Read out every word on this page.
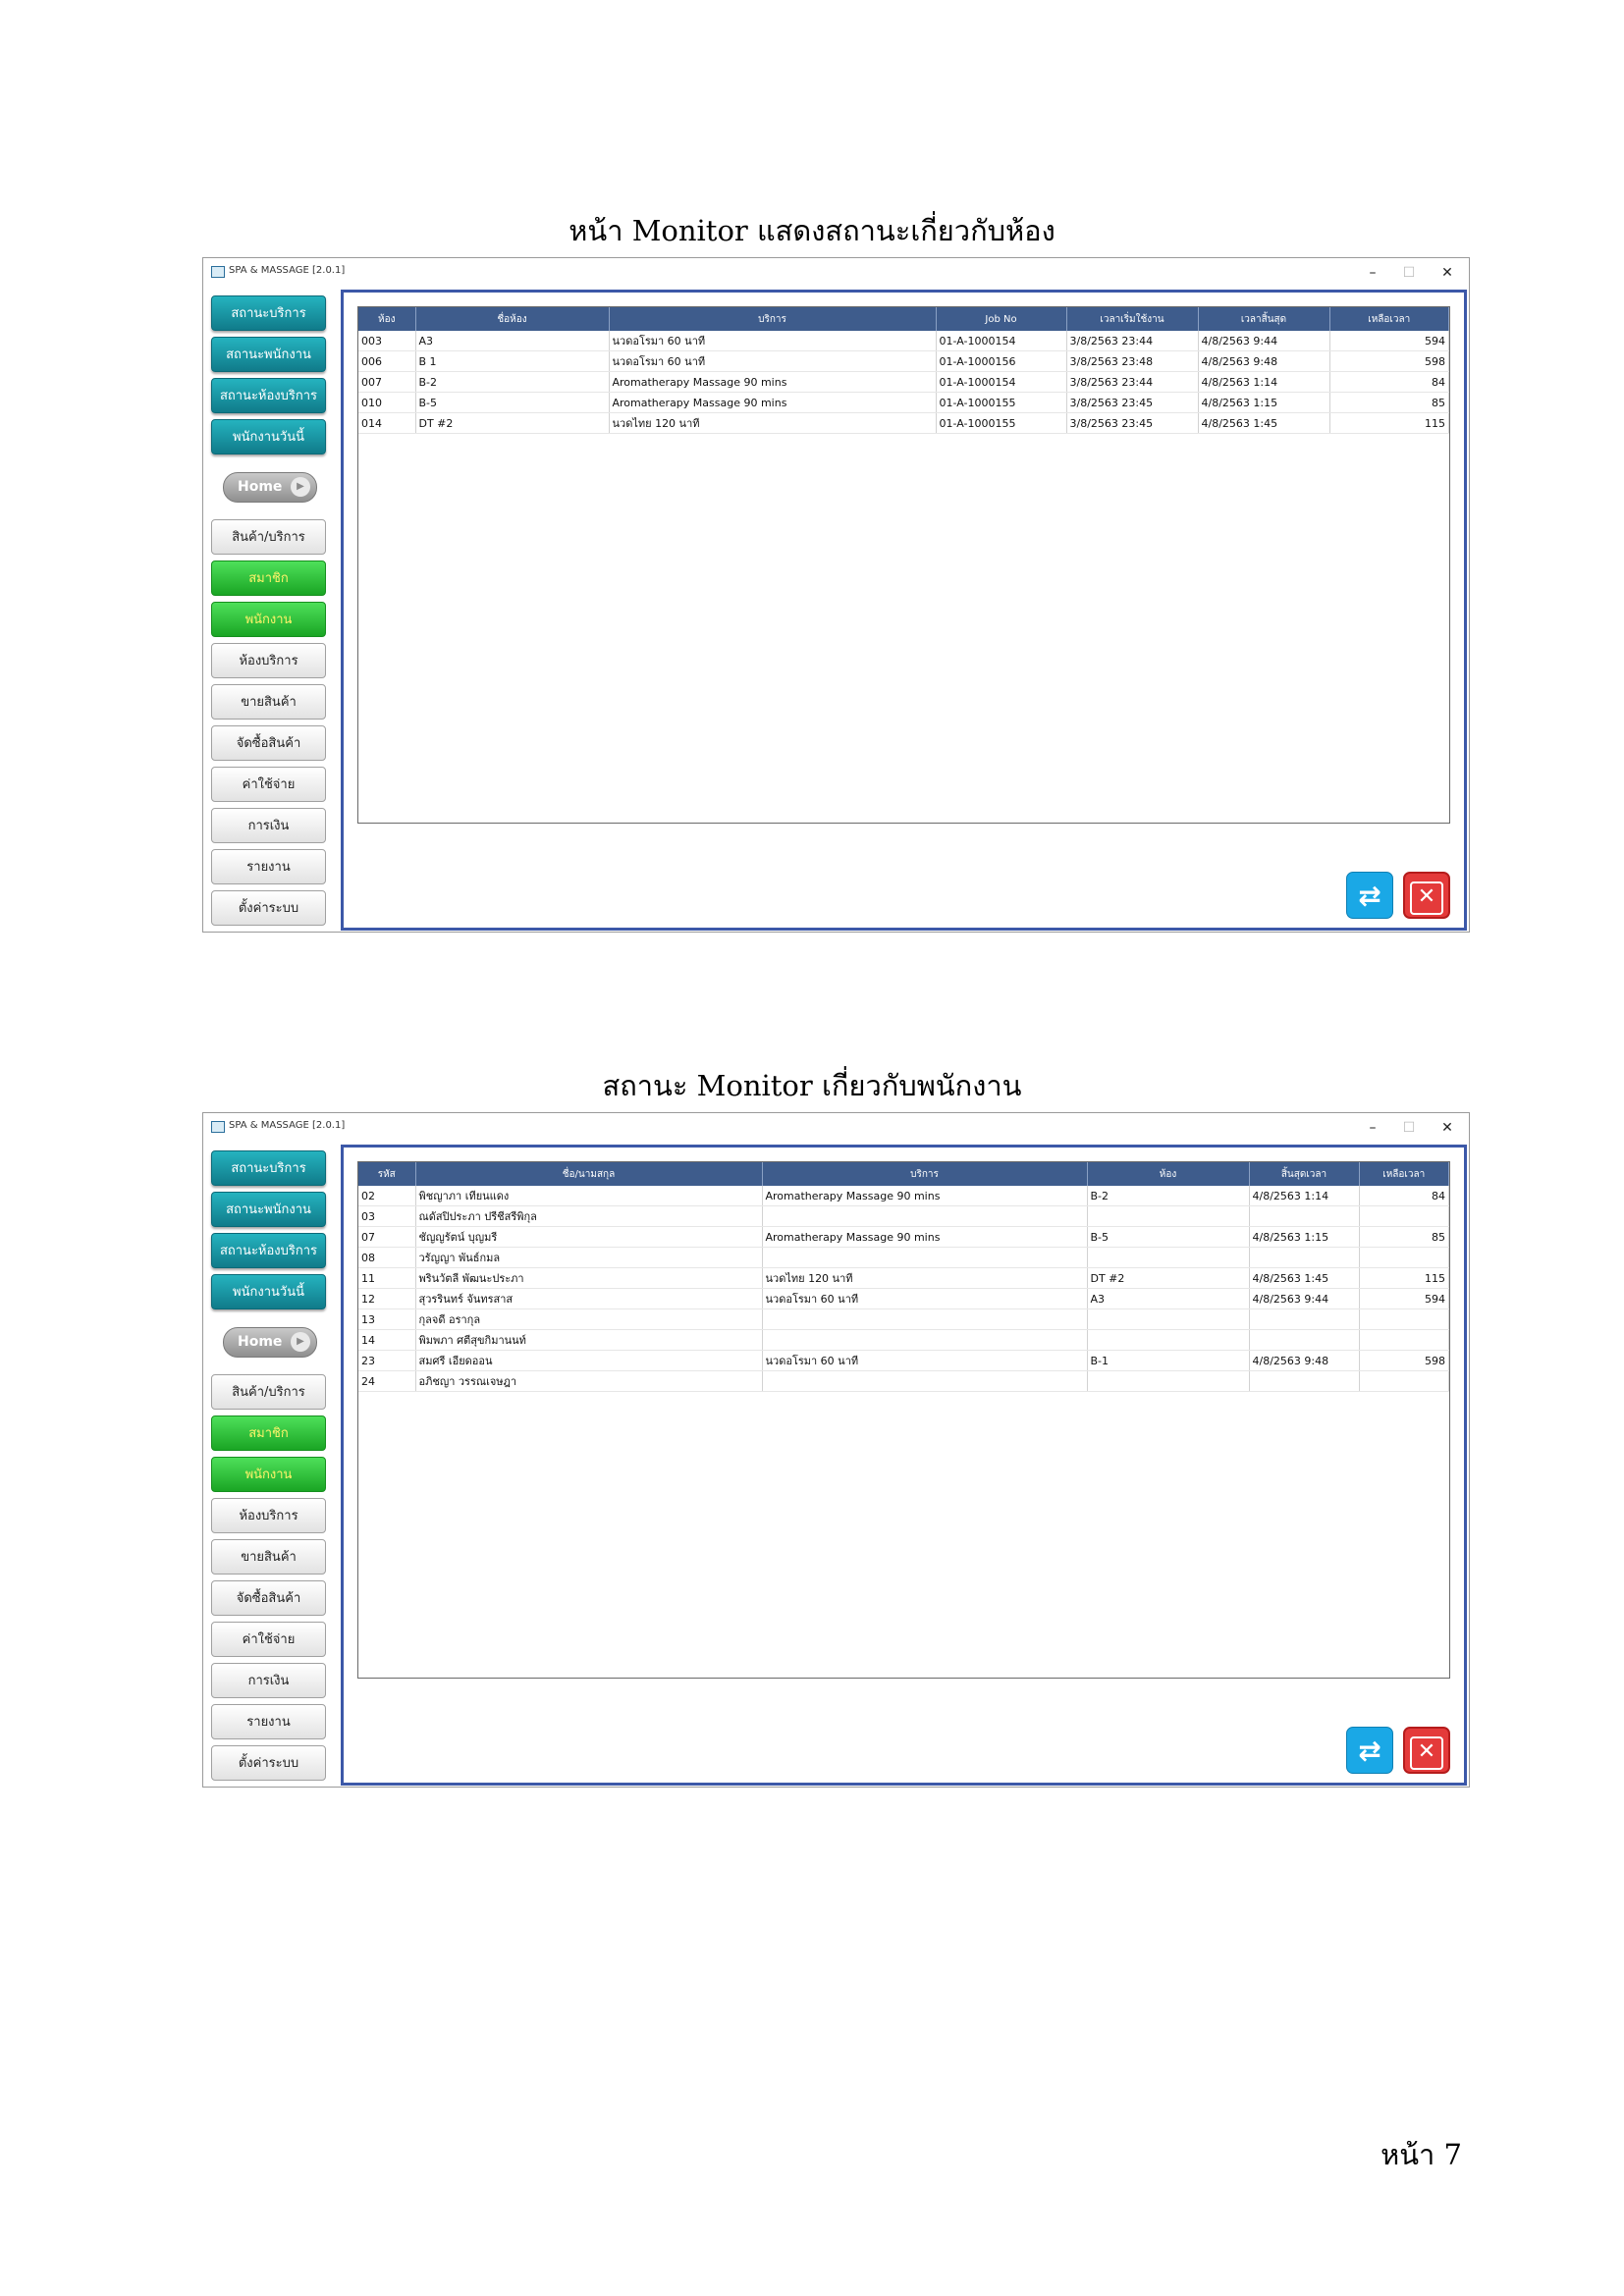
หน้า Monitor แสดงสถานะเกี่ยวกับห้อง
SPA & MASSAGE [2.0.1]	–	☐	✕
สถานะบริการ
สถานะพนักงาน
สถานะห้องบริการ
พนักงานวันนี้
Home	▶
สินค้า/บริการ
สมาชิก
พนักงาน
ห้องบริการ
ขายสินค้า
จัดซื้อสินค้า
ค่าใช้จ่าย
การเงิน
รายงาน
ตั้งค่าระบบ
ห้อง	ชื่อห้อง	บริการ	Job No	เวลาเริ่มใช้งาน	เวลาสิ้นสุด	เหลือเวลา
003	A3	นวดอโรมา 60 นาที	01-A-1000154	3/8/2563 23:44	4/8/2563 9:44	594
006	B 1	นวดอโรมา 60 นาที	01-A-1000156	3/8/2563 23:48	4/8/2563 9:48	598
007	B-2	Aromatherapy Massage 90 mins	01-A-1000154	3/8/2563 23:44	4/8/2563 1:14	84
010	B-5	Aromatherapy Massage 90 mins	01-A-1000155	3/8/2563 23:45	4/8/2563 1:15	85
014	DT #2	นวดไทย 120 นาที	01-A-1000155	3/8/2563 23:45	4/8/2563 1:45	115
⇄	✕
สถานะ Monitor เกี่ยวกับพนักงาน
SPA & MASSAGE [2.0.1]	–	☐	✕
สถานะบริการ
สถานะพนักงาน
สถานะห้องบริการ
พนักงานวันนี้
Home	▶
สินค้า/บริการ
สมาชิก
พนักงาน
ห้องบริการ
ขายสินค้า
จัดซื้อสินค้า
ค่าใช้จ่าย
การเงิน
รายงาน
ตั้งค่าระบบ
รหัส	ชื่อ/นามสกุล	บริการ	ห้อง	สิ้นสุดเวลา	เหลือเวลา
02	พิชญาภา เทียนแดง	Aromatherapy Massage 90 mins	B-2	4/8/2563 1:14	84
03	ณดัสปิประภา ปรีชีสรีพิกุล				
07	ชัญญรัตน์ บุญมรี	Aromatherapy Massage 90 mins	B-5	4/8/2563 1:15	85
08	วรัญญา พันธ์กมล				
11	พรินวัตลี พัฒนะประภา	นวดไทย 120 นาที	DT #2	4/8/2563 1:45	115
12	สุวรรินทร์ จันทรสาส	นวดอโรมา 60 นาที	A3	4/8/2563 9:44	594
13	กุลจดี อรากุล				
14	พิมพภา ศตีสุขกิมานนท์				
23	สมศรี เอียดออน	นวดอโรมา 60 นาที	B-1	4/8/2563 9:48	598
24	อภิชญา วรรณเจษฎา				
⇄	✕
หน้า 7
